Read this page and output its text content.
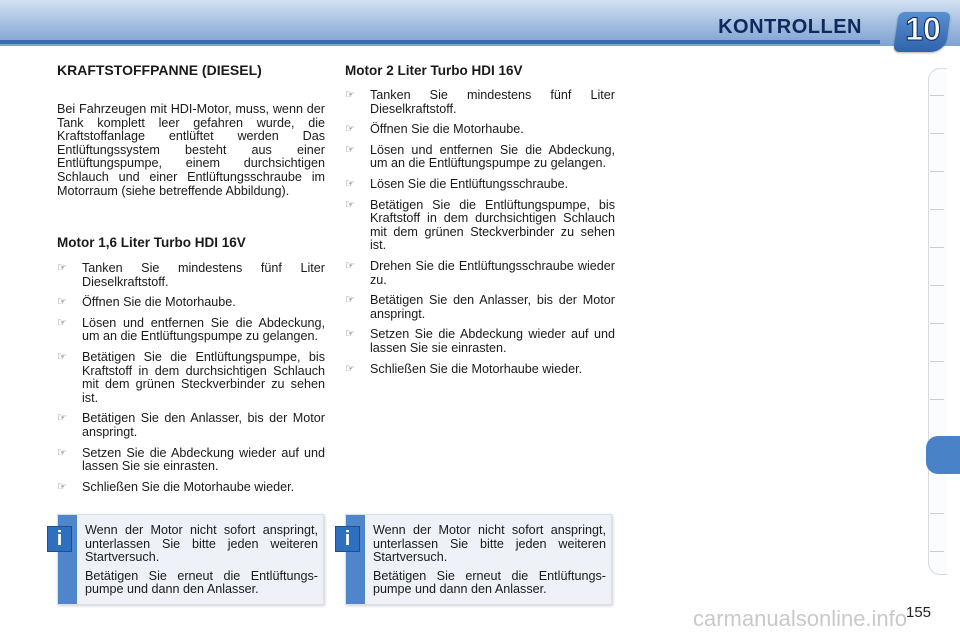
KONTROLLEN 10
KRAFTSTOFFPANNE (DIESEL)
Bei Fahrzeugen mit HDI-Motor, muss, wenn der Tank komplett leer gefahren wurde, die Kraftstoffanlage entlüftet werden Das Entlüftungssystem besteht aus einer Entlüftungspumpe, einem durchsichtigen Schlauch und einer Entlüftungsschraube im Motorraum (siehe betreffende Abbildung).
Motor 1,6 Liter Turbo HDI 16V
☞ Tanken Sie mindestens fünf Liter Dieselkraftstoff.
☞ Öffnen Sie die Motorhaube.
☞ Lösen und entfernen Sie die Abdeckung, um an die Entlüftungspumpe zu gelangen.
☞ Betätigen Sie die Entlüftungspumpe, bis Kraftstoff in dem durchsichtigen Schlauch mit dem grünen Steckverbinder zu sehen ist.
☞ Betätigen Sie den Anlasser, bis der Motor anspringt.
☞ Setzen Sie die Abdeckung wieder auf und lassen Sie sie einrasten.
☞ Schließen Sie die Motorhaube wieder.
i	Wenn der Motor nicht sofort anspringt, unterlassen Sie bitte jeden weiteren Startversuch.

Betätigen Sie erneut die Entlüftungspumpe und dann den Anlasser.

Motor 2 Liter Turbo HDI 16V
☞ Tanken Sie mindestens fünf Liter Dieselkraftstoff.
☞ Öffnen Sie die Motorhaube.
☞ Lösen und entfernen Sie die Abdeckung, um an die Entlüftungspumpe zu gelangen.
☞ Lösen Sie die Entlüftungsschraube.
☞ Betätigen Sie die Entlüftungspumpe, bis Kraftstoff in dem durchsichtigen Schlauch mit dem grünen Steckverbinder zu sehen ist.
☞ Drehen Sie die Entlüftungsschraube wieder zu.
☞ Betätigen Sie den Anlasser, bis der Motor anspringt.
☞ Setzen Sie die Abdeckung wieder auf und lassen Sie sie einrasten.
☞ Schließen Sie die Motorhaube wieder.
i	Wenn der Motor nicht sofort anspringt, unterlassen Sie bitte jeden weiteren Startversuch.

Betätigen Sie erneut die Entlüftungspumpe und dann den Anlasser.

carmanualsonline.info
155
